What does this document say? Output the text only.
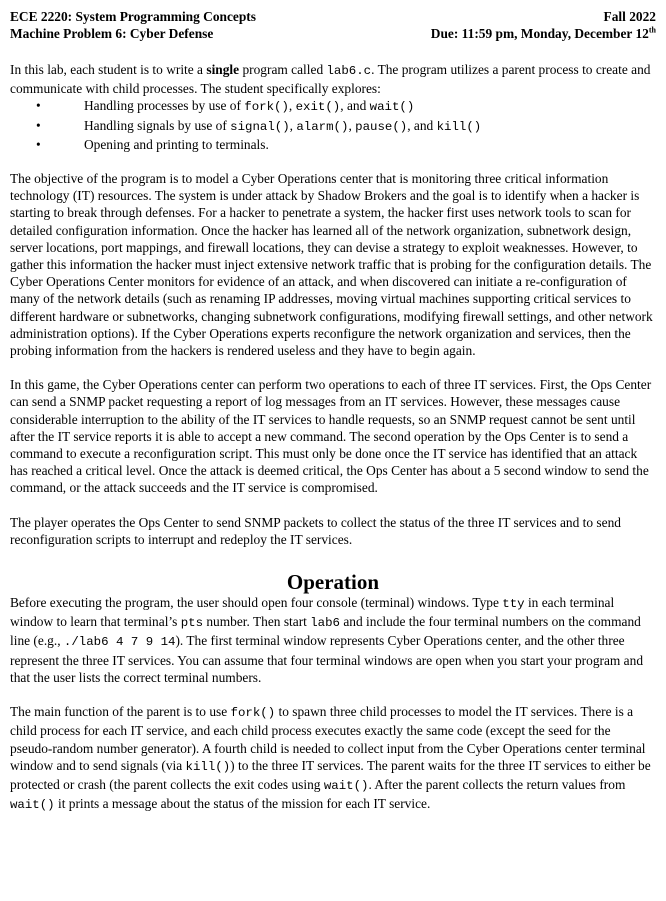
ECE 2220: System Programming Concepts
Machine Problem 6: Cyber Defense
Fall 2022
Due: 11:59 pm, Monday, December 12th

In this lab, each student is to write a single program called lab6.c. The program utilizes a parent process to create and communicate with child processes. The student specifically explores:

•	Handling processes by use of fork(), exit(), and wait()
•	Handling signals by use of signal(), alarm(), pause(), and kill()
•	Opening and printing to terminals.

The objective of the program is to model a Cyber Operations center that is monitoring three critical information technology (IT) resources. The system is under attack by Shadow Brokers and the goal is to identify when a hacker is starting to break through defenses. For a hacker to penetrate a system, the hacker first uses network tools to scan for detailed configuration information. Once the hacker has learned all of the network organization, subnetwork design, server locations, port mappings, and firewall locations, they can devise a strategy to exploit weaknesses. However, to gather this information the hacker must inject extensive network traffic that is probing for the configuration details. The Cyber Operations Center monitors for evidence of an attack, and when discovered can initiate a re-configuration of many of the network details (such as renaming IP addresses, moving virtual machines supporting critical services to different hardware or subnetworks, changing subnetwork configurations, modifying firewall settings, and other network administration options). If the Cyber Operations experts reconfigure the network organization and services, then the probing information from the hackers is rendered useless and they have to begin again.

In this game, the Cyber Operations center can perform two operations to each of three IT services. First, the Ops Center can send a SNMP packet requesting a report of log messages from an IT services. However, these messages cause considerable interruption to the ability of the IT services to handle requests, so an SNMP request cannot be sent until after the IT service reports it is able to accept a new command. The second operation by the Ops Center is to send a command to execute a reconfiguration script. This must only be done once the IT service has identified that an attack has reached a critical level. Once the attack is deemed critical, the Ops Center has about a 5 second window to send the command, or the attack succeeds and the IT service is compromised.

The player operates the Ops Center to send SNMP packets to collect the status of the three IT services and to send reconfiguration scripts to interrupt and redeploy the IT services.

Operation

Before executing the program, the user should open four console (terminal) windows. Type tty in each terminal window to learn that terminal’s pts number. Then start lab6 and include the four terminal numbers on the command line (e.g., ./lab6 4 7 9 14). The first terminal window represents Cyber Operations center, and the other three represent the three IT services. You can assume that four terminal windows are open when you start your program and that the user lists the correct terminal numbers.

The main function of the parent is to use fork() to spawn three child processes to model the IT services. There is a child process for each IT service, and each child process executes exactly the same code (except the seed for the pseudo-random number generator). A fourth child is needed to collect input from the Cyber Operations center terminal window and to send signals (via kill()) to the three IT services. The parent waits for the three IT services to either be protected or crash (the parent collects the exit codes using wait(). After the parent collects the return values from wait() it prints a message about the status of the mission for each IT service.
